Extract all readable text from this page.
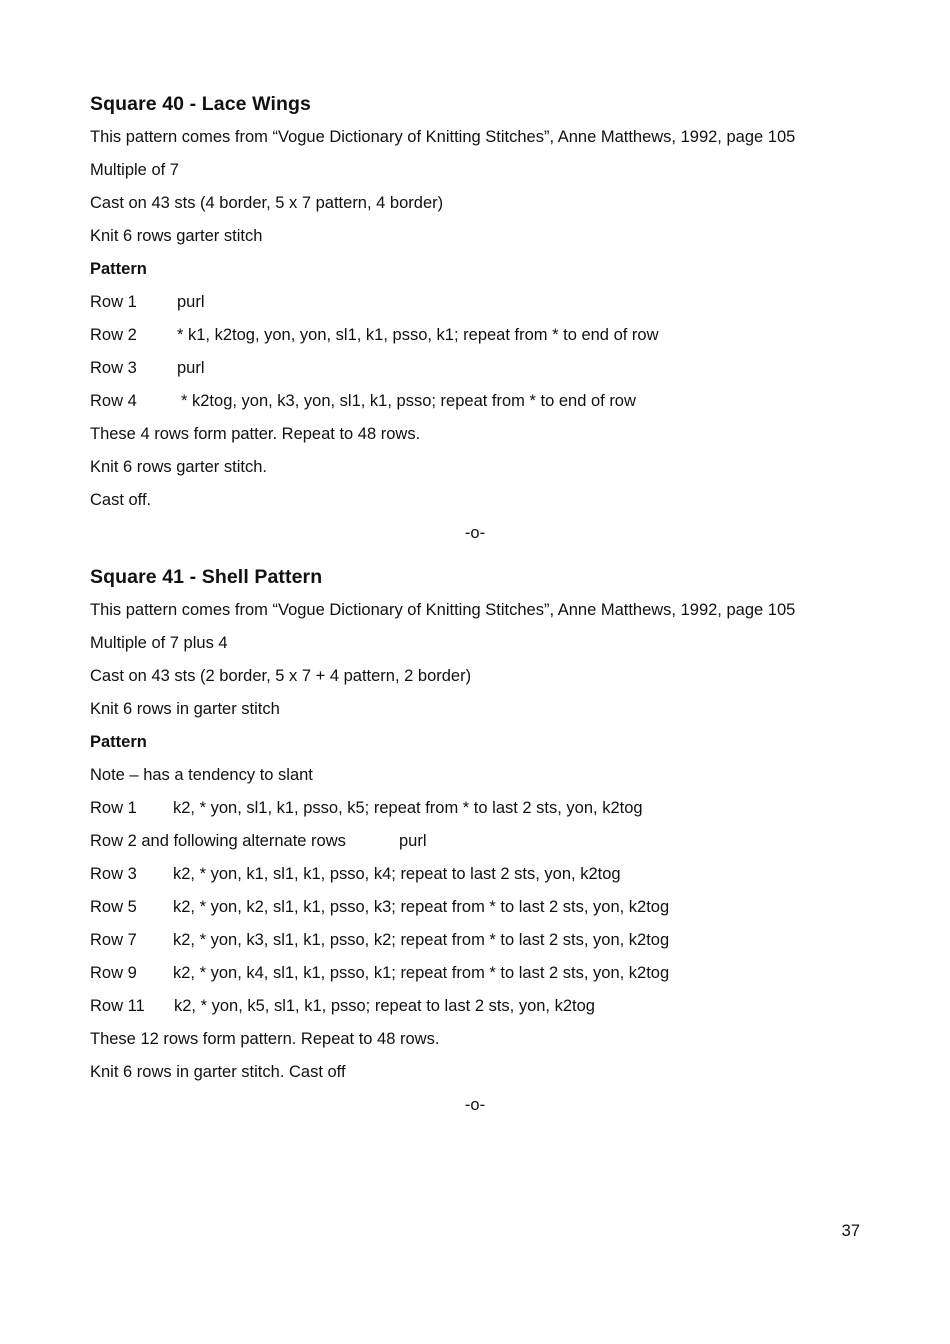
Square 40 - Lace Wings
This pattern comes from “Vogue Dictionary of Knitting Stitches”, Anne Matthews, 1992, page 105
Multiple of 7
Cast on 43 sts (4 border, 5 x 7 pattern, 4 border)
Knit 6 rows garter stitch
Pattern
Row 1 purl
Row 2 * k1, k2tog, yon, yon, sl1, k1, psso, k1; repeat from * to end of row
Row 3 purl
Row 4	* k2tog, yon, k3, yon, sl1, k1, psso; repeat from * to end of row
These 4 rows form patter. Repeat to 48 rows.
Knit 6 rows garter stitch.
Cast off.
-o-
Square 41 - Shell Pattern
This pattern comes from “Vogue Dictionary of Knitting Stitches”, Anne Matthews, 1992, page 105
Multiple of 7 plus 4
Cast on 43 sts (2 border, 5 x 7 + 4 pattern, 2 border)
Knit 6 rows in garter stitch
Pattern
Note – has a tendency to slant
Row 1 k2, * yon, sl1, k1, psso, k5; repeat from * to last 2 sts, yon, k2tog
Row 2 and following alternate rows	purl
Row 3 k2, * yon, k1, sl1, k1, psso, k4; repeat to last 2 sts, yon, k2tog
Row 5 k2, * yon, k2, sl1, k1, psso, k3; repeat from * to last 2 sts, yon, k2tog
Row 7 k2, * yon, k3, sl1, k1, psso, k2; repeat from * to last 2 sts, yon, k2tog
Row 9 k2, * yon, k4, sl1, k1, psso, k1; repeat from * to last 2 sts, yon, k2tog
Row 11 k2, * yon, k5, sl1, k1, psso; repeat to last 2 sts, yon, k2tog
These 12 rows form pattern. Repeat to 48 rows.
Knit 6 rows in garter stitch. Cast off
-o-
37
